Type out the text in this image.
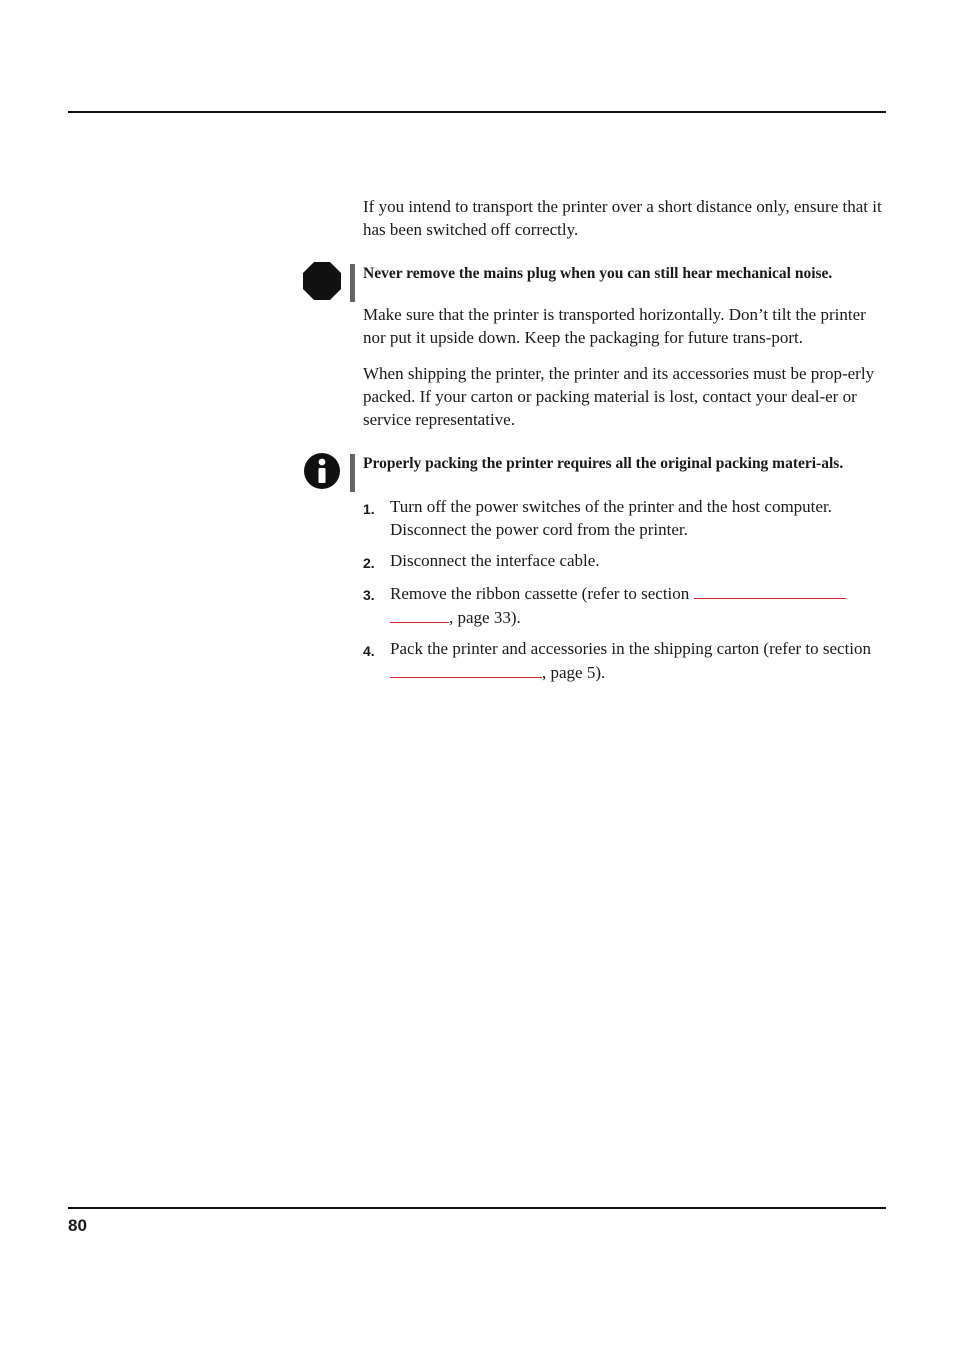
If you intend to transport the printer over a short distance only, ensure that it has been switched off correctly.

Never remove the mains plug when you can still hear mechanical noise.

Make sure that the printer is transported horizontally. Don’t tilt the printer nor put it upside down. Keep the packaging for future trans-port.

When shipping the printer, the printer and its accessories must be prop-erly packed. If your carton or packing material is lost, contact your deal-er or service representative.

Properly packing the printer requires all the original packing materi-als.

1. Turn off the power switches of the printer and the host computer. Disconnect the power cord from the printer.
2. Disconnect the interface cable.
3. Remove the ribbon cassette (refer to section
, page 33).
4. Pack the printer and accessories in the shipping carton (refer to section , page 5).
80
